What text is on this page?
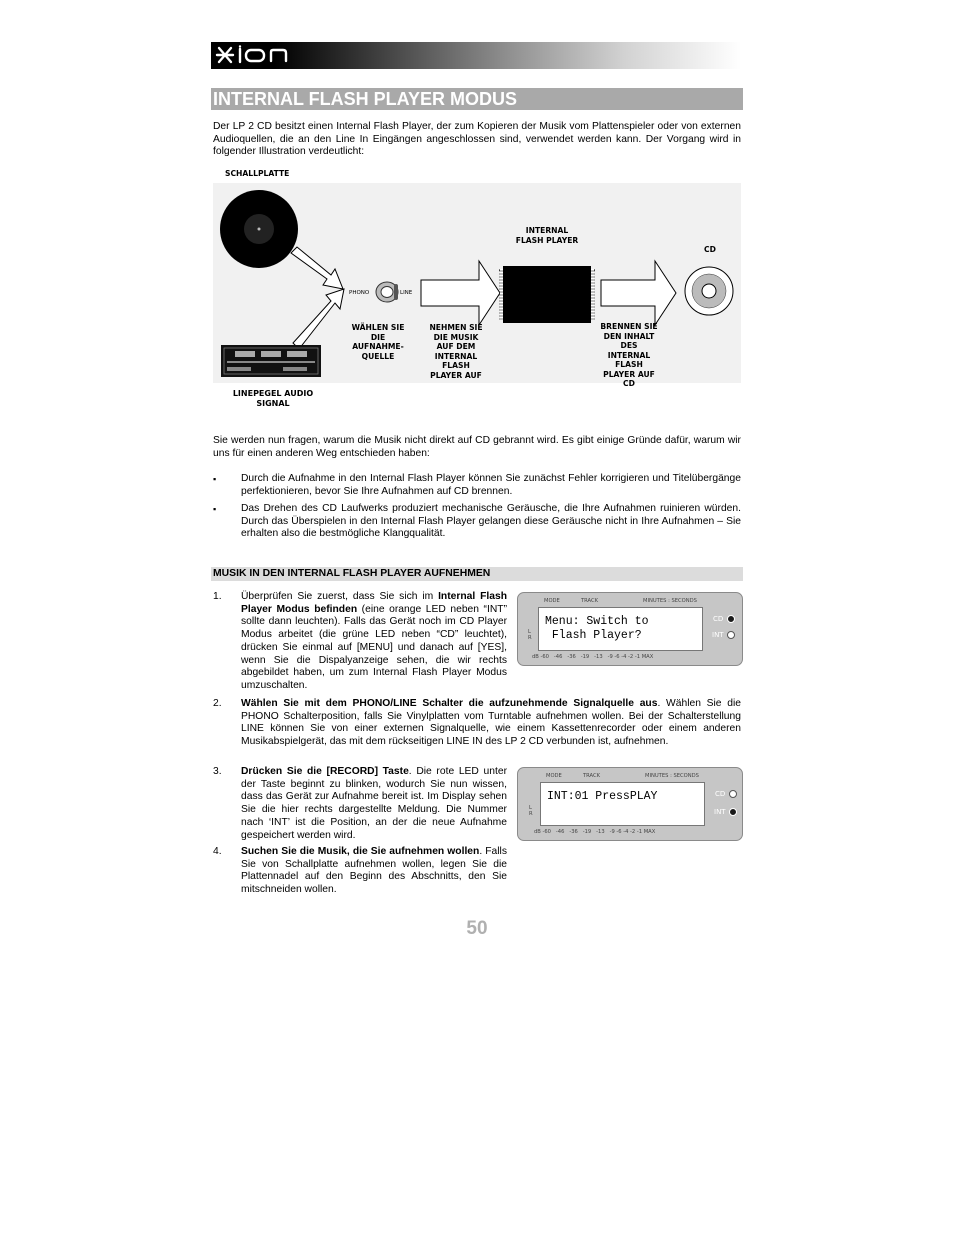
INTERNAL FLASH PLAYER MODUS
Der LP 2 CD besitzt einen Internal Flash Player, der zum Kopieren der Musik vom Plattenspieler oder von externen Audioquellen, die an den Line In Eingängen angeschlossen sind, verwendet werden kann. Der Vorgang wird in folgender Illustration verdeutlicht:
SCHALLPLATTE
PHONO	LINE
INTERNAL FLASH PLAYER
CD
WÄHLEN SIE DIE AUFNAHME-QUELLE
NEHMEN SIE DIE MUSIK AUF DEM INTERNAL FLASH PLAYER AUF
BRENNEN SIE DEN INHALT DES INTERNAL FLASH PLAYER AUF CD
LINEPEGEL AUDIO SIGNAL
Sie werden nun fragen, warum die Musik nicht direkt auf CD gebrannt wird. Es gibt einige Gründe dafür, warum wir uns für einen anderen Weg entschieden haben:
▪ Durch die Aufnahme in den Internal Flash Player können Sie zunächst Fehler korrigieren und Titelübergänge perfektionieren, bevor Sie Ihre Aufnahmen auf CD brennen.
▪ Das Drehen des CD Laufwerks produziert mechanische Geräusche, die Ihre Aufnahmen ruinieren würden. Durch das Überspielen in den Internal Flash Player gelangen diese Geräusche nicht in Ihre Aufnahmen – Sie erhalten also die bestmögliche Klangqualität.
MUSIK IN DEN INTERNAL FLASH PLAYER AUFNEHMEN
1. Überprüfen Sie zuerst, dass Sie sich im Internal Flash Player Modus befinden (eine orange LED neben “INT” sollte dann leuchten). Falls das Gerät noch im CD Player Modus arbeitet (die grüne LED neben “CD” leuchtet), drücken Sie einmal auf [MENU] und danach auf [YES], wenn Sie die Dispalyanzeige sehen, die wir rechts abgebildet haben, um zum Internal Flash Player Modus umzuschalten.
MODE	TRACK	MINUTES : SECONDS
L R
Menu: Switch to
Flash Player?
dB -60   -46   -36   -19   -13   -9 -6 -4 -2 -1 MAX
CD
INT
2. Wählen Sie mit dem PHONO/LINE Schalter die aufzunehmende Signalquelle aus. Wählen Sie die PHONO Schalterposition, falls Sie Vinylplatten vom Turntable aufnehmen wollen. Bei der Schalterstellung LINE können Sie von einer externen Signalquelle, wie einem Kassettenrecorder oder einem anderen Musikabspielgerät, das mit dem rückseitigen LINE IN des LP 2 CD verbunden ist, aufnehmen.
3. Drücken Sie die [RECORD] Taste. Die rote LED unter der Taste beginnt zu blinken, wodurch Sie nun wissen, dass das Gerät zur Aufnahme bereit ist. Im Display sehen Sie die hier rechts dargestellte Meldung. Die Nummer nach ‘INT’ ist die Position, an der die neue Aufnahme gespeichert werden wird.
MODE	TRACK	MINUTES : SECONDS
L R
INT:01 PressPLAY
dB -60   -46   -36   -19   -13   -9 -6 -4 -2 -1 MAX
CD
INT
4. Suchen Sie die Musik, die Sie aufnehmen wollen. Falls Sie von Schallplatte aufnehmen wollen, legen Sie die Plattennadel auf den Beginn des Abschnitts, den Sie mitschneiden wollen.
50
